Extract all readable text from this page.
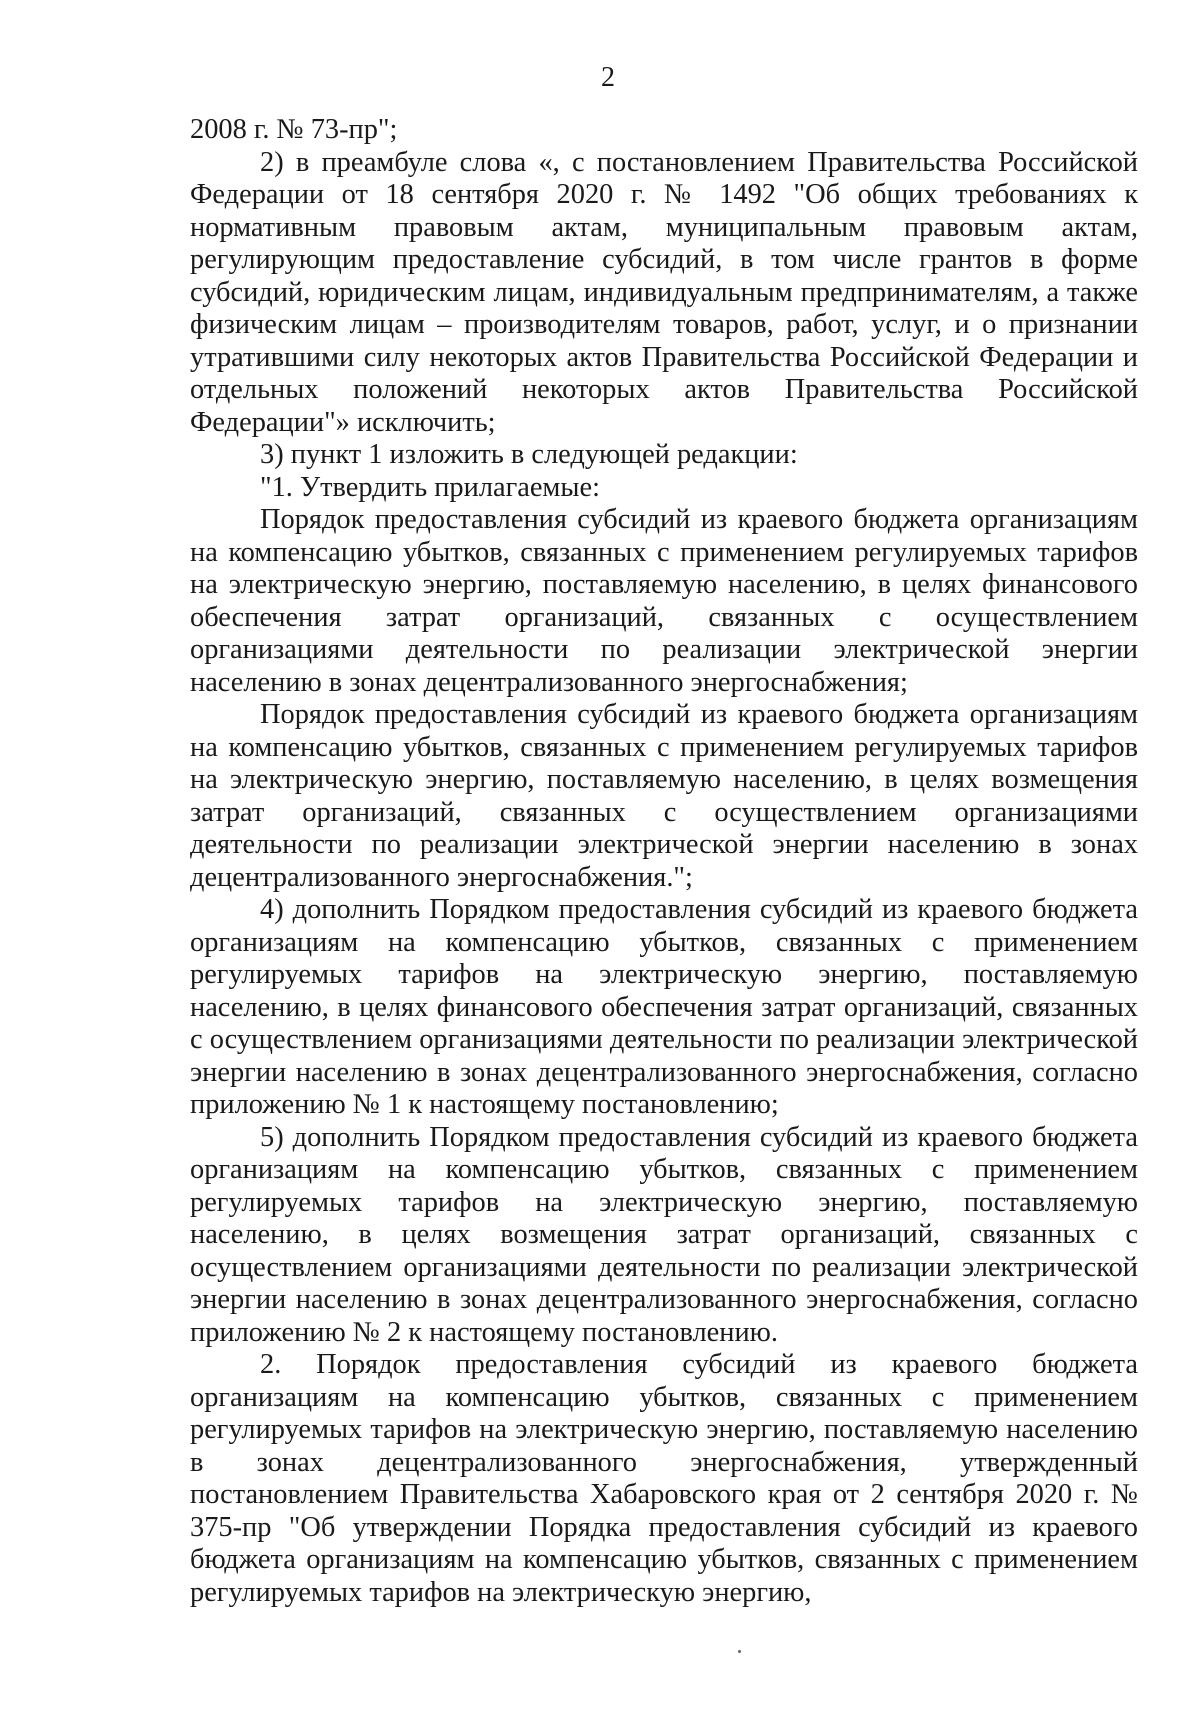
2

2008 г. № 73-пр";

2) в преамбуле слова «, с постановлением Правительства Российской Федерации от 18 сентября 2020 г. № 1492 "Об общих требованиях к нормативным правовым актам, муниципальным правовым актам, регулирующим предоставление субсидий, в том числе грантов в форме субсидий, юридическим лицам, индивидуальным предпринимателям, а также физическим лицам – производителям товаров, работ, услуг, и о признании утратившими силу некоторых актов Правительства Российской Федерации и отдельных положений некоторых актов Правительства Российской Федерации"» исключить;

3) пункт 1 изложить в следующей редакции:

"1. Утвердить прилагаемые:

Порядок предоставления субсидий из краевого бюджета организациям на компенсацию убытков, связанных с применением регулируемых тарифов на электрическую энергию, поставляемую населению, в целях финансового обеспечения затрат организаций, связанных с осуществлением организациями деятельности по реализации электрической энергии населению в зонах децентрализованного энергоснабжения;

Порядок предоставления субсидий из краевого бюджета организациям на компенсацию убытков, связанных с применением регулируемых тарифов на электрическую энергию, поставляемую населению, в целях возмещения затрат организаций, связанных с осуществлением организациями деятельности по реализации электрической энергии населению в зонах децентрализованного энергоснабжения.";

4) дополнить Порядком предоставления субсидий из краевого бюджета организациям на компенсацию убытков, связанных с применением регулируемых тарифов на электрическую энергию, поставляемую населению, в целях финансового обеспечения затрат организаций, связанных с осуществлением организациями деятельности по реализации электрической энергии населению в зонах децентрализованного энергоснабжения, согласно приложению № 1 к настоящему постановлению;

5) дополнить Порядком предоставления субсидий из краевого бюджета организациям на компенсацию убытков, связанных с применением регулируемых тарифов на электрическую энергию, поставляемую населению, в целях возмещения затрат организаций, связанных с осуществлением организациями деятельности по реализации электрической энергии населению в зонах децентрализованного энергоснабжения, согласно приложению № 2 к настоящему постановлению.

2. Порядок предоставления субсидий из краевого бюджета организациям на компенсацию убытков, связанных с применением регулируемых тарифов на электрическую энергию, поставляемую населению в зонах децентрализованного энергоснабжения, утвержденный постановлением Правительства Хабаровского края от 2 сентября 2020 г. № 375-пр "Об утверждении Порядка предоставления субсидий из краевого бюджета организациям на компенсацию убытков, связанных с применением регулируемых тарифов на электрическую энергию,
